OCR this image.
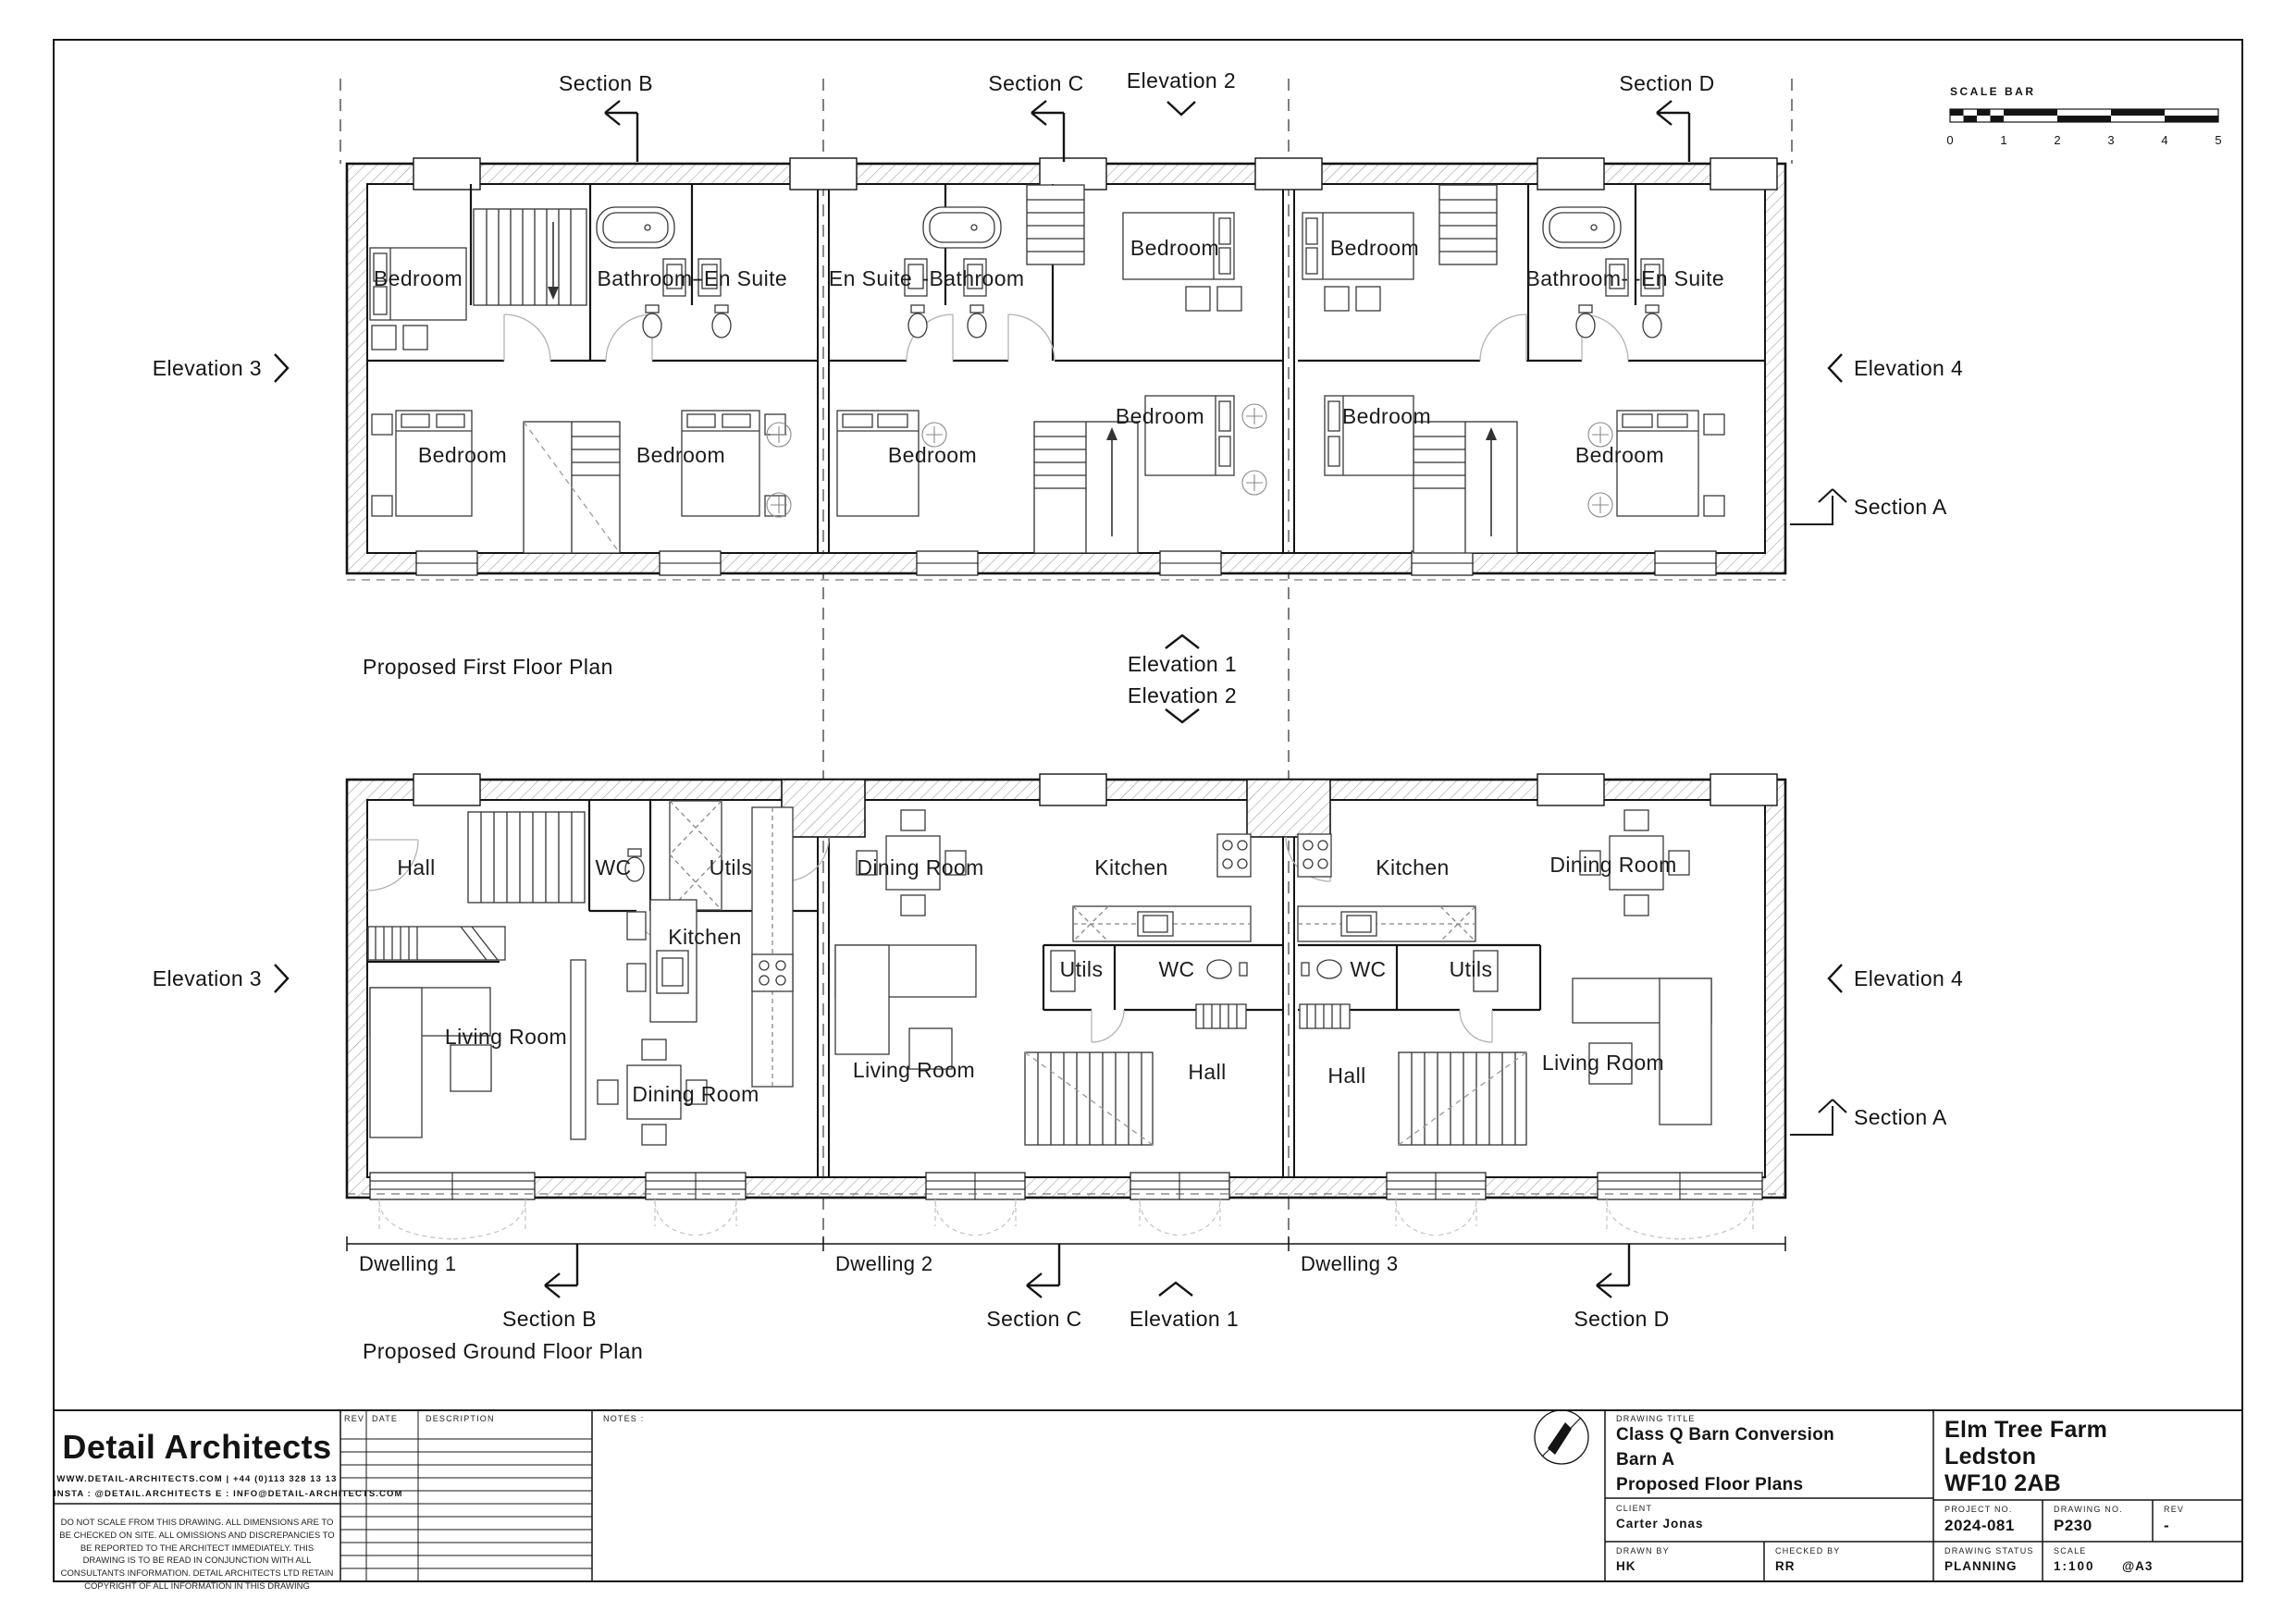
SCALE BAR
0	1	2	3	4	5
Bedroom	Bathroom-
-En Suite
Bedroom	Bedroom
En Suite -Bathroom
Bedroom
Bedroom
Bedroom
Bedroom
Bathroom- -En Suite
Bedroom
Bedroom
Hall	WC	Utils
Kitchen
Living Room
Dining Room
Dining Room	Kitchen
Utils	WC
Living Room	Hall
Kitchen	Dining Room
WC	Utils
Hall
Living Room
Section B	Section C Elevation 2	Section D
Elevation 3
Elevation 3
Elevation 4
Elevation 4
Section A
Section A
Elevation 1
Elevation 2
Proposed First Floor Plan
Proposed Ground Floor Plan
Dwelling 1	Dwelling 2	Dwelling 3
Section B	Section C Elevation 1	Section D
Detail Architects
WWW.DETAIL-ARCHITECTS.COM | +44 (0)113 328 13 13
INSTA : @DETAIL.ARCHITECTS E : INFO@DETAIL-ARCHITECTS.COM
DO NOT SCALE FROM THIS DRAWING. ALL DIMENSIONS ARE TO BE CHECKED ON SITE. ALL OMISSIONS AND DISCREPANCIES TO BE REPORTED TO THE ARCHITECT IMMEDIATELY. THIS DRAWING IS TO BE READ IN CONJUNCTION WITH ALL CONSULTANTS INFORMATION. DETAIL ARCHITECTS LTD RETAIN COPYRIGHT OF ALL INFORMATION IN THIS DRAWING
REV DATE	DESCRIPTION	NOTES :	DRAWING TITLE
Class Q Barn Conversion
Barn A
Proposed Floor Plans
CLIENT
Carter Jonas
DRAWN BY
HK
CHECKED BY
RR
Elm Tree Farm
Ledston
WF10 2AB
PROJECT NO.
2024-081
DRAWING NO.
P230
REV
-
DRAWING STATUS
PLANNING
SCALE
1:100 @A3
